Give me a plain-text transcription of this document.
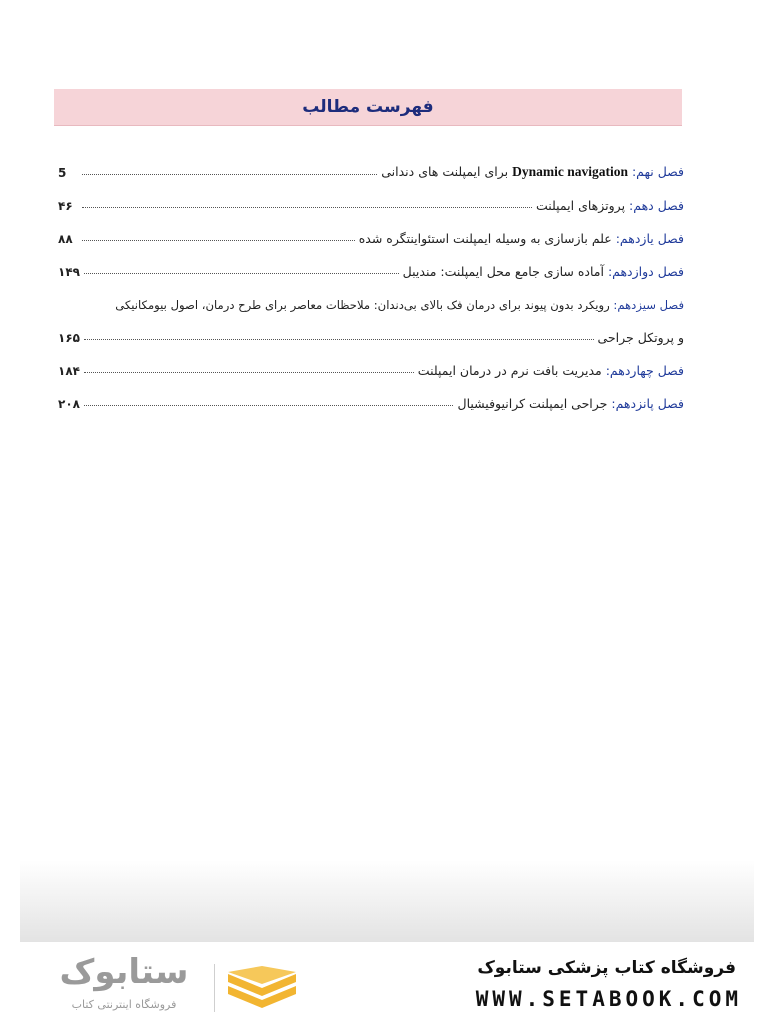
فهرست مطالب
فصل نهم: Dynamic navigation برای ایمپلنت های دندانی
5
فصل دهم: پروتزهای ایمپلنت
۴۶
فصل یازدهم: علم بازسازی به وسیله ایمپلنت استئواینتگره شده
۸۸
فصل دوازدهم: آماده سازی جامع محل ایمپلنت: مندیبل
۱۴۹
فصل سیزدهم: رویکرد بدون پیوند برای درمان فک بالای بی‌دندان: ملاحظات معاصر برای طرح درمان، اصول بیومکانیکی
و پروتکل جراحی
۱۶۵
فصل چهاردهم: مدیریت بافت نرم در درمان ایمپلنت
۱۸۴
فصل پانزدهم: جراحی ایمپلنت کرانیوفیشیال
۲۰۸
ستابوک
فروشگاه اینترنتی کتاب
فروشگاه کتاب پزشکی ستابوک
WWW.SETABOOK.COM
